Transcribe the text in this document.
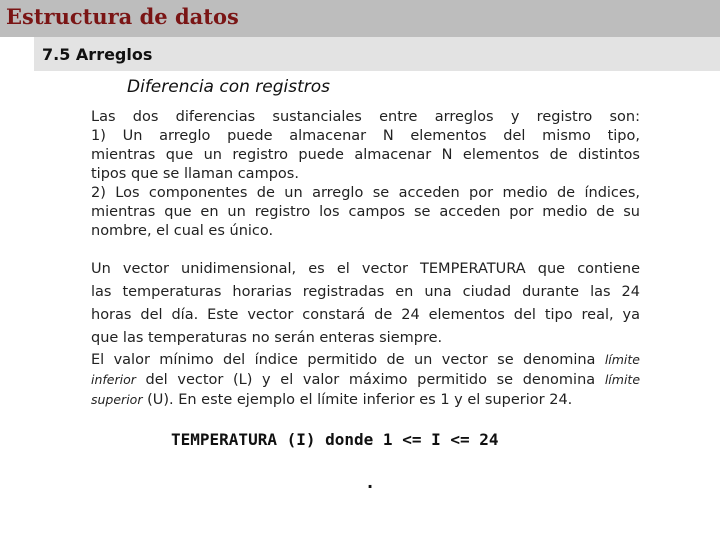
Estructura de datos
7.5 Arreglos
Diferencia con registros
Las dos diferencias sustanciales entre arreglos y registro son:
1) Un arreglo puede almacenar N elementos del mismo tipo,
mientras que un registro puede almacenar N elementos de distintos
tipos que se llaman campos.
2) Los componentes de un arreglo se acceden por medio de índices,
mientras que en un registro los campos se acceden por medio de su
nombre, el cual es único.
Un vector unidimensional, es el vector TEMPERATURA que contiene
las temperaturas horarias registradas en una ciudad durante las 24
horas del día. Este vector constará de 24 elementos del tipo real, ya
que las temperaturas no serán enteras siempre.
El valor mínimo del índice permitido de un vector se denomina límite
inferior del vector (L) y el valor máximo permitido se denomina límite
superior (U). En este ejemplo el límite inferior es 1 y el superior 24.
TEMPERATURA (I) donde 1 <= I <= 24
.
